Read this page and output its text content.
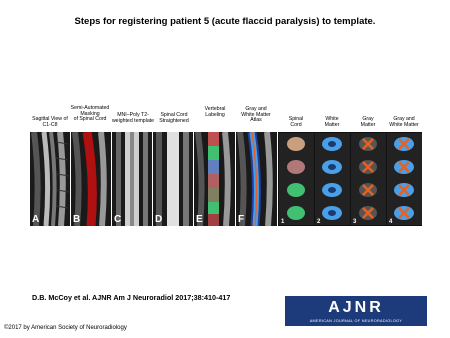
Steps for registering patient 5 (acute flaccid paralysis) to template.
Sagittal View of
C1-C8
Semi-Automated
Masking
of Spinal Cord
MNI–Poly T2-
weighted template
Spinal Cord
Straightened
Vertebral
Labeling
Gray and
White Matter
Atlas	Spinal
Cord
White
Matter
Gray
Matter
Gray and
White Matter
A	B	C	D	E	F	1	2	3	4
D.B. McCoy et al. AJNR Am J Neuroradiol 2017;38:410-417
AJNR
AMERICAN JOURNAL OF NEURORADIOLOGY
©2017 by American Society of Neuroradiology
